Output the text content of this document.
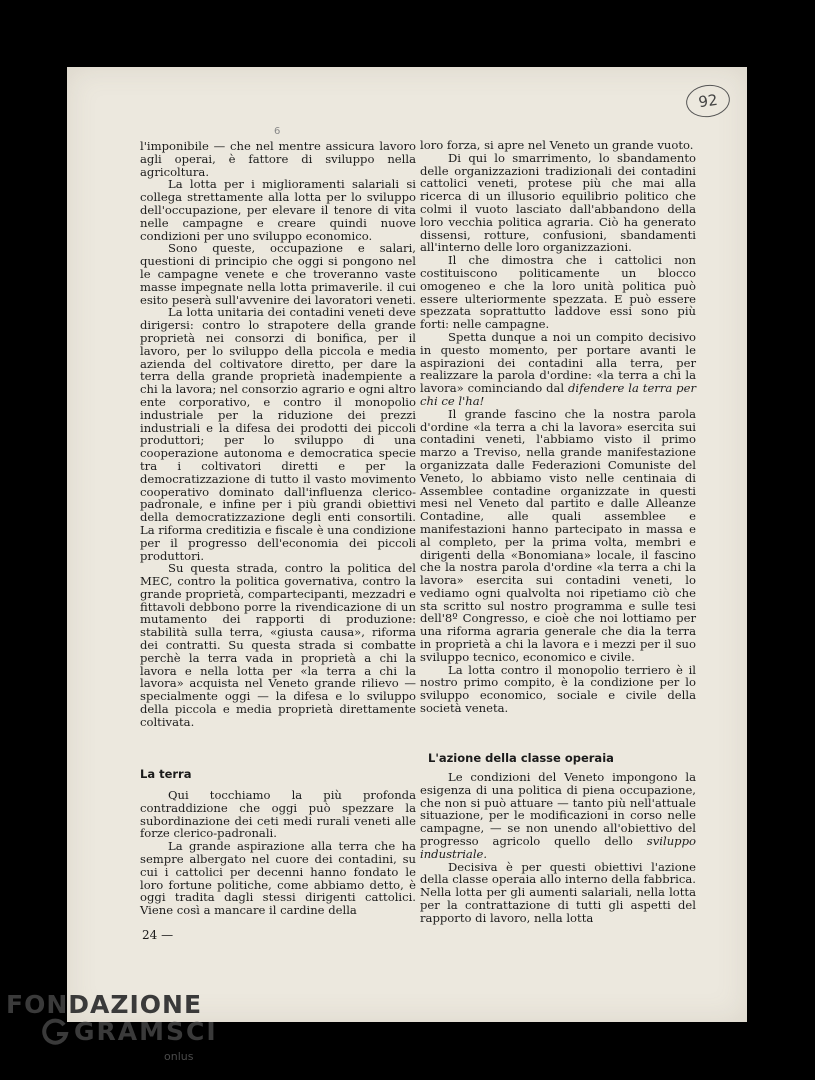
92
6

l'imponibile — che nel mentre assicura lavoro agli operai, è fattore di sviluppo nella agricoltura.

La lotta per i miglioramenti salariali si collega strettamente alla lotta per lo sviluppo dell'occupazione, per elevare il tenore di vita nelle campagne e creare quindi nuove condizioni per uno sviluppo economico.

Sono queste, occupazione e salari, questioni di principio che oggi si pongono nel le campagne venete e che troveranno vaste masse impegnate nella lotta primaverile. il cui esito peserà sull'avvenire dei lavoratori veneti.

La lotta unitaria dei contadini veneti deve dirigersi: contro lo strapotere della grande proprietà nei consorzi di bonifica, per il lavoro, per lo sviluppo della piccola e media azienda del coltivatore diretto, per dare la terra della grande proprietà inadempiente a chi la lavora; nel consorzio agrario e ogni altro ente corporativo, e contro il monopolio industriale per la riduzione dei prezzi industriali e la difesa dei prodotti dei piccoli produttori; per lo sviluppo di una cooperazione autonoma e democratica specie tra i coltivatori diretti e per la democratizzazione di tutto il vasto movimento cooperativo dominato dall'influenza clerico-padronale, e infine per i più grandi obiettivi della democratizzazione degli enti consortili. La riforma creditizia e fiscale è una condizione per il progresso dell'economia dei piccoli produttori.

Su questa strada, contro la politica del MEC, contro la politica governativa, contro la grande proprietà, compartecipanti, mezzadri e fittavoli debbono porre la rivendicazione di un mutamento dei rapporti di produzione: stabilità sulla terra, «giusta causa», riforma dei contratti. Su questa strada si combatte perchè la terra vada in proprietà a chi la lavora e nella lotta per «la terra a chi la lavora» acquista nel Veneto grande rilievo — specialmente oggi — la difesa e lo sviluppo della piccola e media proprietà direttamente coltivata.

La terra

Qui tocchiamo la più profonda contraddizione che oggi può spezzare la subordinazione dei ceti medi rurali veneti alle forze clerico-padronali.

La grande aspirazione alla terra che ha sempre albergato nel cuore dei contadini, su cui i cattolici per decenni hanno fondato le loro fortune politiche, come abbiamo detto, è oggi tradita dagli stessi dirigenti cattolici. Viene così a mancare il cardine della

loro forza, si apre nel Veneto un grande vuoto.

Di qui lo smarrimento, lo sbandamento delle organizzazioni tradizionali dei contadini cattolici veneti, protese più che mai alla ricerca di un illusorio equilibrio politico che colmi il vuoto lasciato dall'abbandono della loro vecchia politica agraria. Ciò ha generato dissensi, rotture, confusioni, sbandamenti all'interno delle loro organizzazioni.

Il che dimostra che i cattolici non costituiscono politicamente un blocco omogeneo e che la loro unità politica può essere ulteriormente spezzata. E può essere spezzata soprattutto laddove essi sono più forti: nelle campagne.

Spetta dunque a noi un compito decisivo in questo momento, per portare avanti le aspirazioni dei contadini alla terra, per realizzare la parola d'ordine: «la terra a chi la lavora» cominciando dal difendere la terra per chi ce l'ha!

Il grande fascino che la nostra parola d'ordine «la terra a chi la lavora» esercita sui contadini veneti, l'abbiamo visto il primo marzo a Treviso, nella grande manifestazione organizzata dalle Federazioni Comuniste del Veneto, lo abbiamo visto nelle centinaia di Assemblee contadine organizzate in questi mesi nel Veneto dal partito e dalle Alleanze Contadine, alle quali assemblee e manifestazioni hanno partecipato in massa e al completo, per la prima volta, membri e dirigenti della «Bonomiana» locale, il fascino che la nostra parola d'ordine «la terra a chi la lavora» esercita sui contadini veneti, lo vediamo ogni qualvolta noi ripetiamo ciò che sta scritto sul nostro programma e sulle tesi dell'8º Congresso, e cioè che noi lottiamo per una riforma agraria generale che dia la terra in proprietà a chi la lavora e i mezzi per il suo sviluppo tecnico, economico e civile.

La lotta contro il monopolio terriero è il nostro primo compito, è la condizione per lo sviluppo economico, sociale e civile della società veneta.

L'azione della classe operaia

Le condizioni del Veneto impongono la esigenza di una politica di piena occupazione, che non si può attuare — tanto più nell'attuale situazione, per le modificazioni in corso nelle campagne, — se non unendo all'obiettivo del progresso agricolo quello dello sviluppo industriale.

Decisiva è per questi obiettivi l'azione della classe operaia allo interno della fabbrica. Nella lotta per gli aumenti salariali, nella lotta per la contrattazione di tutti gli aspetti del rapporto di lavoro, nella lotta

24 —
FONDAZIONE
GRAMSCI
onlus
